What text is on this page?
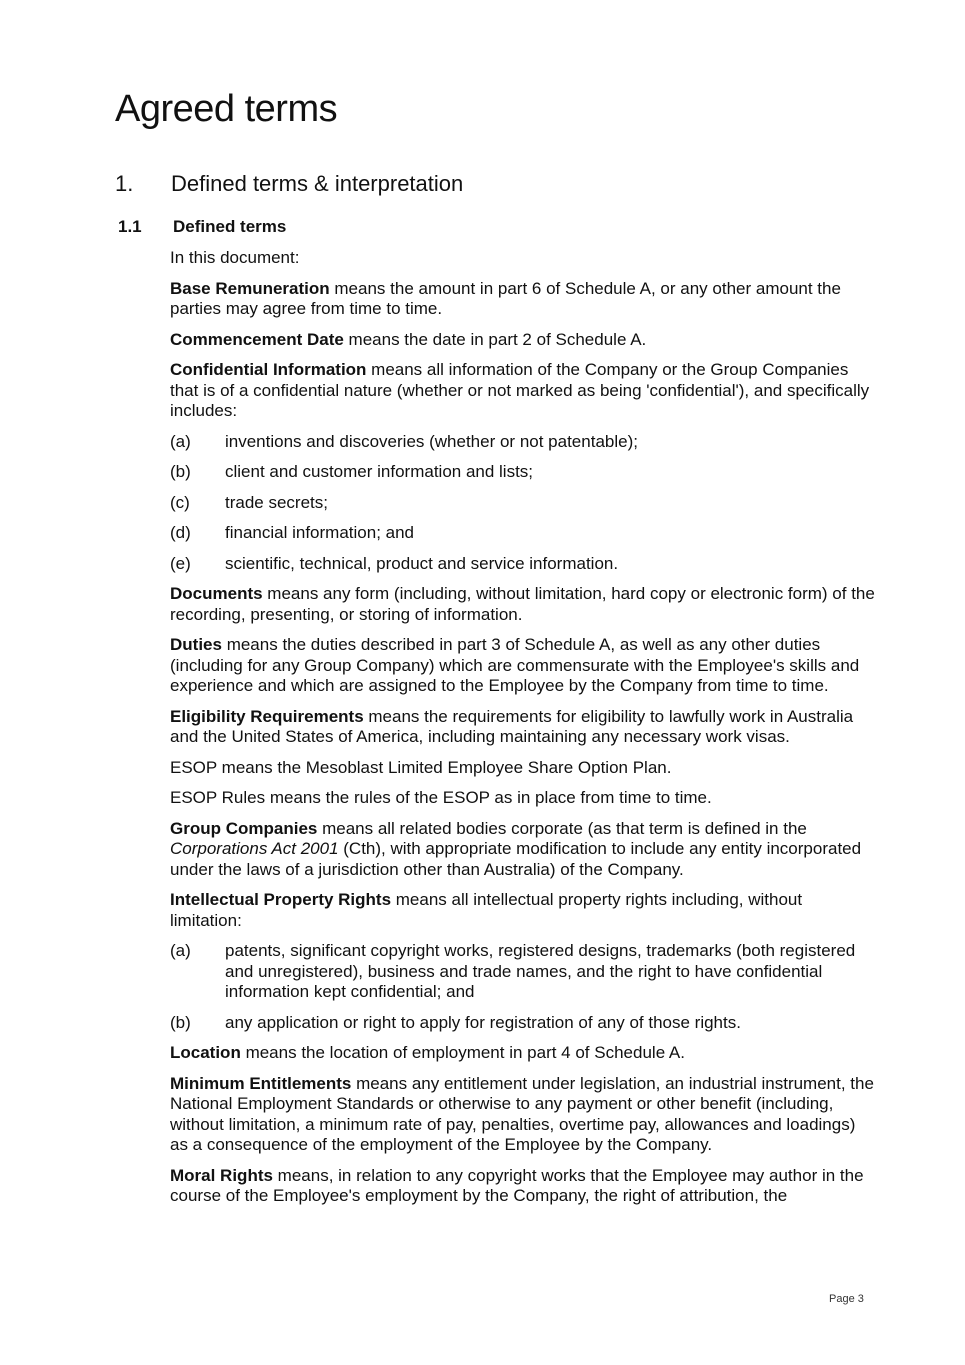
Agreed terms
1. Defined terms & interpretation
1.1 Defined terms

In this document:

Base Remuneration means the amount in part 6 of Schedule A, or any other amount the parties may agree from time to time.

Commencement Date means the date in part 2 of Schedule A.

Confidential Information means all information of the Company or the Group Companies that is of a confidential nature (whether or not marked as being 'confidential'), and specifically includes:

(a) inventions and discoveries (whether or not patentable);
(b) client and customer information and lists;
(c) trade secrets;
(d) financial information; and
(e) scientific, technical, product and service information.

Documents means any form (including, without limitation, hard copy or electronic form) of the recording, presenting, or storing of information.

Duties means the duties described in part 3 of Schedule A, as well as any other duties (including for any Group Company) which are commensurate with the Employee's skills and experience and which are assigned to the Employee by the Company from time to time.

Eligibility Requirements means the requirements for eligibility to lawfully work in Australia and the United States of America, including maintaining any necessary work visas.

ESOP means the Mesoblast Limited Employee Share Option Plan.

ESOP Rules means the rules of the ESOP as in place from time to time.

Group Companies means all related bodies corporate (as that term is defined in the Corporations Act 2001 (Cth), with appropriate modification to include any entity incorporated under the laws of a jurisdiction other than Australia) of the Company.

Intellectual Property Rights means all intellectual property rights including, without limitation:

(a) patents, significant copyright works, registered designs, trademarks (both registered and unregistered), business and trade names, and the right to have confidential information kept confidential; and
(b) any application or right to apply for registration of any of those rights.

Location means the location of employment in part 4 of Schedule A.

Minimum Entitlements means any entitlement under legislation, an industrial instrument, the National Employment Standards or otherwise to any payment or other benefit (including, without limitation, a minimum rate of pay, penalties, overtime pay, allowances and loadings) as a consequence of the employment of the Employee by the Company.

Moral Rights means, in relation to any copyright works that the Employee may author in the course of the Employee's employment by the Company, the right of attribution, the

Page 3
